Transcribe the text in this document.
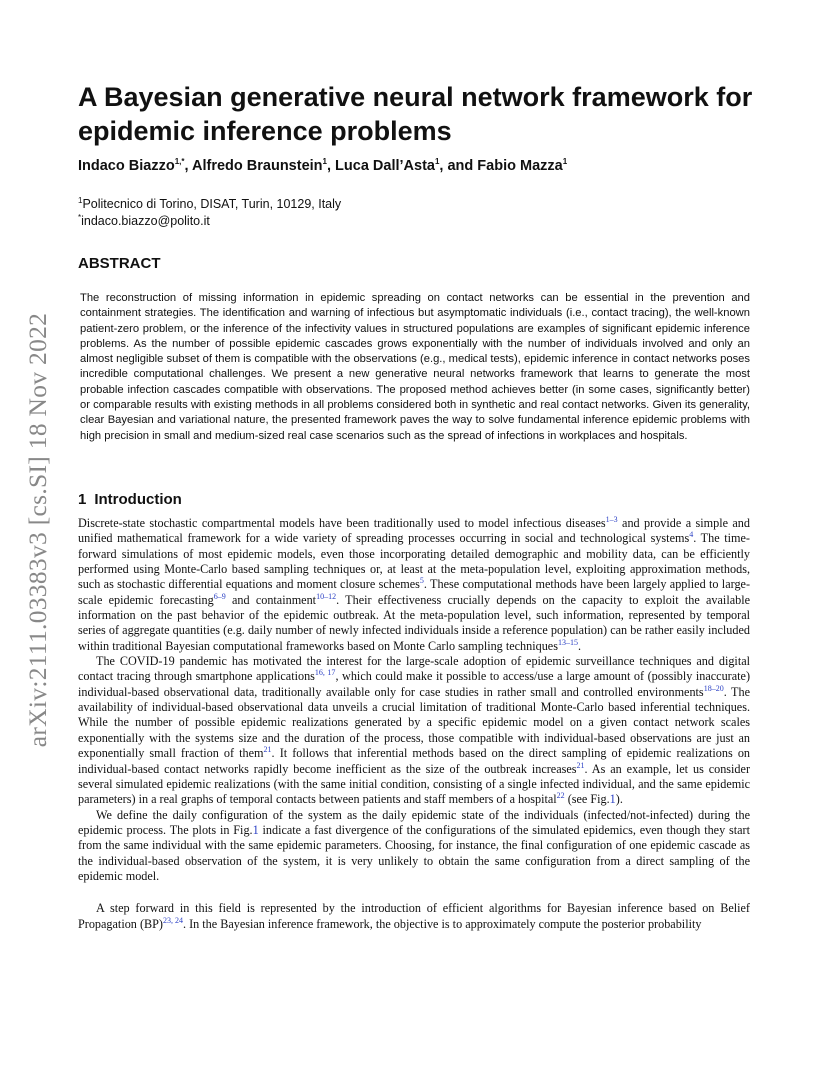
arXiv:2111.03383v3 [cs.SI] 18 Nov 2022
A Bayesian generative neural network framework for epidemic inference problems
Indaco Biazzo$^{1,*}$, Alfredo Braunstein$^1$, Luca Dall’Asta$^1$, and Fabio Mazza$^1$
$^1$Politecnico di Torino, DISAT, Turin, 10129, Italy
*indaco.biazzo@polito.it
ABSTRACT

The reconstruction of missing information in epidemic spreading on contact networks can be essential in the prevention and containment strategies. The identification and warning of infectious but asymptomatic individuals (i.e., contact tracing), the well-known patient-zero problem, or the inference of the infectivity values in structured populations are examples of significant epidemic inference problems. As the number of possible epidemic cascades grows exponentially with the number of individuals involved and only an almost negligible subset of them is compatible with the observations (e.g., medical tests), epidemic inference in contact networks poses incredible computational challenges. We present a new generative neural networks framework that learns to generate the most probable infection cascades compatible with observations. The proposed method achieves better (in some cases, significantly better) or comparable results with existing methods in all problems considered both in synthetic and real contact networks. Given its generality, clear Bayesian and variational nature, the presented framework paves the way to solve fundamental inference epidemic problems with high precision in small and medium-sized real case scenarios such as the spread of infections in workplaces and hospitals.

1 Introduction

Discrete-state stochastic compartmental models have been traditionally used to model infectious diseases$^{1-3}$ and provide a simple and unified mathematical framework for a wide variety of spreading processes occurring in social and technological systems$^4$. The time-forward simulations of most epidemic models, even those incorporating detailed demographic and mobility data, can be efficiently performed using Monte-Carlo based sampling techniques or, at least at the meta-population level, exploiting approximation methods, such as stochastic differential equations and moment closure schemes$^5$. These computational methods have been largely applied to large-scale epidemic forecasting$^{6-9}$ and containment$^{10-12}$. Their effectiveness crucially depends on the capacity to exploit the available information on the past behavior of the epidemic outbreak. At the meta-population level, such information, represented by temporal series of aggregate quantities (e.g. daily number of newly infected individuals inside a reference population) can be rather easily included within traditional Bayesian computational frameworks based on Monte Carlo sampling techniques$^{13-15}$.

The COVID-19 pandemic has motivated the interest for the large-scale adoption of epidemic surveillance techniques and digital contact tracing through smartphone applications$^{16, 17}$, which could make it possible to access/use a large amount of (possibly inaccurate) individual-based observational data, traditionally available only for case studies in rather small and controlled environments$^{18-20}$. The availability of individual-based observational data unveils a crucial limitation of traditional Monte-Carlo based inferential techniques. While the number of possible epidemic realizations generated by a specific epidemic model on a given contact network scales exponentially with the systems size and the duration of the process, those compatible with individual-based observations are just an exponentially small fraction of them$^{21}$. It follows that inferential methods based on the direct sampling of epidemic realizations on individual-based contact networks rapidly become inefficient as the size of the outbreak increases$^{21}$. As an example, let us consider several simulated epidemic realizations (with the same initial condition, consisting of a single infected individual, and the same epidemic parameters) in a real graphs of temporal contacts between patients and staff members of a hospital$^{22}$ (see Fig.1).

We define the daily configuration of the system as the daily epidemic state of the individuals (infected/not-infected) during the epidemic process. The plots in Fig.1 indicate a fast divergence of the configurations of the simulated epidemics, even though they start from the same individual with the same epidemic parameters. Choosing, for instance, the final configuration of one epidemic cascade as the individual-based observation of the system, it is very unlikely to obtain the same configuration from a direct sampling of the epidemic model.

A step forward in this field is represented by the introduction of efficient algorithms for Bayesian inference based on Belief Propagation (BP)$^{23, 24}$. In the Bayesian inference framework, the objective is to approximately compute the posterior probability
